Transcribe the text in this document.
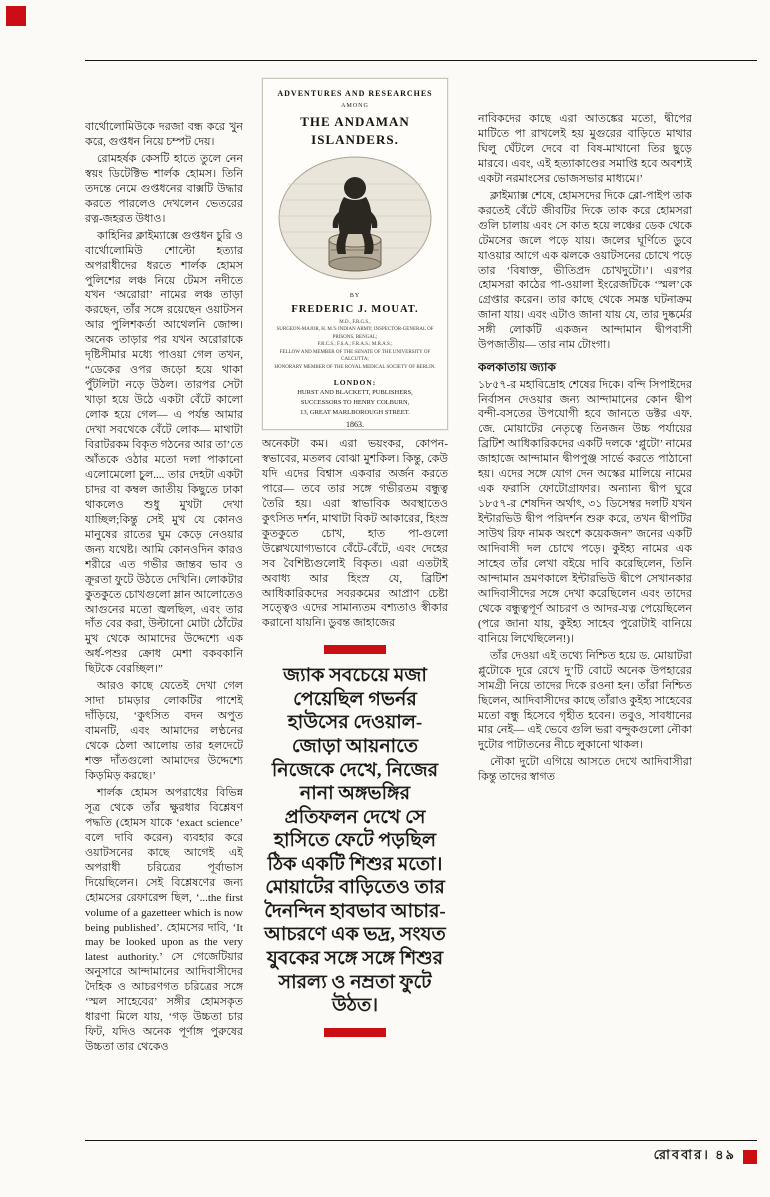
বার্থোলোমিউকে দরজা বন্ধ করে খুন করে, গুপ্তধন নিয়ে চম্পট দেয়।

রোমহর্ষক কেসটি হাতে তুলে নেন স্বয়ং ডিটেক্টিভ শার্লক হোমস। তিনি তদন্তে নেমে গুপ্তধনের বাক্সটি উদ্ধার করতে পারলেও দেখলেন ভেতরের রত্ন-জহরত উধাও।

কাহিনির ক্লাইম্যাক্সে গুপ্তধন চুরি ও বার্থোলোমিউ শোল্টো হত্যার অপরাধীদের ধরতে শার্লক হোমস পুলিশের লঞ্চ নিয়ে টেমস নদীতে যখন ‘অরোরা’ নামের লঞ্চ তাড়া করছেন, তাঁর সঙ্গে রয়েছেন ওয়াটসন আর পুলিশকর্তা আথেলনি জোন্স। অনেক তাড়ার পর যখন অরোরাকে দৃষ্টিসীমার মধ্যে পাওয়া গেল তখন, “ডেকের ওপর জড়ো হয়ে থাকা পুঁটলিটা নড়ে উঠল। তারপর সেটা খাড়া হয়ে উঠে একটা বেঁটে কালো লোক হয়ে গেল— এ পর্যন্ত আমার দেখা সবথেকে বেঁটে লোক— মাথাটা বিরাটরকম বিকৃত গঠনের আর তা’তে আঁতকে ওঠার মতো দলা পাকানো এলোমেলো চুল.... তার দেহটা একটা চাদর বা কম্বল জাতীয় কিছুতে ঢাকা থাকলেও শুধু মুখটা দেখা যাচ্ছিল;কিন্তু সেই মুখ যে কোনও মানুষের রাতের ঘুম কেড়ে নেওয়ার জন্য যথেষ্ট। আমি কোনওদিন কারও শরীরে এত গভীর জান্তব ভাব ও ক্রূরতা ফুটে উঠতে দেখিনি। লোকটার কুতকুতে চোখগুলো ম্লান আলোতেও আগুনের মতো জ্বলছিল, এবং তার দাঁত বের করা, উল্টানো মোটা ঠোঁটের মুখ থেকে আমাদের উদ্দেশ্যে এক অর্ধ-পশুর ক্রোধ মেশা বকবকানি ছিটকে বেরচ্ছিল।”

আরও কাছে যেতেই দেখা গেল সাদা চামড়ার লোকটির পাশেই দাঁড়িয়ে, ‘কুৎসিত বদন অপুত বামনটি, এবং আমাদের লণ্ঠনের থেকে ঠেলা আলোয় তার হলদেটে শক্ত দাঁতগুলো আমাদের উদ্দেশ্যে কিড়মিড় করছে।’

শার্লক হোমস অপরাধের বিভিন্ন সূত্র থেকে তাঁর ক্ষুরধার বিশ্লেষণ পদ্ধতি (হোমস যাকে ‘exact science’ বলে দাবি করেন) ব্যবহার করে ওয়াটসনের কাছে আগেই এই অপরাধী চরিত্রের পূর্বাভাস দিয়েছিলেন। সেই বিশ্লেষণের জন্য হোমসের রেফারেন্স ছিল, ‘...the first volume of a gazetteer which is now being published’. হোমসের দাবি, ‘It may be looked upon as the very latest authority.’ সে গেজেটিয়ার অনুসারে আন্দামানের আদিবাসীদের দৈহিক ও আচরণগত চরিত্রের সঙ্গে ‘স্মল সাহেবের’ সঙ্গীর হোমসকৃত ধারণা মিলে যায়, ‘গড় উচ্চতা চার ফিট, যদিও অনেক পূর্ণাঙ্গ পুরুষের উচ্চতা তার থেকেও

ADVENTURES AND RESEARCHES
AMONG
THE ANDAMAN ISLANDERS.
BY
FREDERIC J. MOUAT.
M.D., F.R.G.S.,
SURGEON-MAJOR, H. M.'S INDIAN ARMY; INSPECTOR-GENERAL OF PRISONS, BENGAL;
F.R.C.S.; F.S.A.; F.R.A.S.; M.R.A.S.;
FELLOW AND MEMBER OF THE SENATE OF THE UNIVERSITY OF CALCUTTA;
HONORARY MEMBER OF THE ROYAL MEDICAL SOCIETY OF BERLIN.
LONDON:
HURST AND BLACKETT, PUBLISHERS,
SUCCESSORS TO HENRY COLBURN,
13, GREAT MARLBOROUGH STREET.
1863.

অনেকটা কম। এরা ভয়ংকর, কোপন-স্বভাবের, মতলব বোঝা মুশকিল। কিন্তু, কেউ যদি এদের বিশ্বাস একবার অর্জন করতে পারে— তবে তার সঙ্গে গভীরতম বন্ধুত্ব তৈরি হয়। এরা স্বাভাবিক অবস্থাতেও কুৎসিত দর্শন, মাথাটা বিকট আকারের, হিংস্র কুতকুতে চোখ, হাত পা-গুলো উল্লেখযোগ্যভাবে বেঁটে-বেঁটে, এবং দেহের সব বৈশিষ্ট্যগুলোই বিকৃত। এরা এতটাই অবাধ্য আর হিংস্র যে, ব্রিটিশ আধিকারিকদের সবরকমের আপ্রাণ চেষ্টা সত্ত্বেও এদের সামান্যতম বশ্যতাও স্বীকার করানো যায়নি। ডুবন্ত জাহাজের

জ্যাক সবচেয়ে মজা পেয়েছিল গভর্নর হাউসের দেওয়াল-জোড়া আয়নাতে নিজেকে দেখে, নিজের নানা অঙ্গভঙ্গির প্রতিফলন দেখে সে হাসিতে ফেটে পড়ছিল ঠিক একটি শিশুর মতো। মোয়াটের বাড়িতেও তার দৈনন্দিন হাবভাব আচার-আচরণে এক ভদ্র, সংযত যুবকের সঙ্গে সঙ্গে শিশুর সারল্য ও নম্রতা ফুটে উঠত।

নাবিকদের কাছে এরা আতঙ্কের মতো, দ্বীপের মাটিতে পা রাখলেই হয় মুগুরের বাড়িতে মাথার ঘিলু ঘেঁটলে দেবে বা বিষ-মাখানো তির ছুড়ে মারবে। এবং, এই হত্যাকাণ্ডের সমাপ্তি হবে অবশ্যই একটা নরমাংসের ভোজসভার মাধ্যমে।’

ক্লাইম্যাক্স শেষে, হোমসদের দিকে ব্লো-পাইপ তাক করতেই বেঁটে জীবটির দিকে তাক করে হোমসরা গুলি চালায় এবং সে কাত হয়ে লঞ্চের ডেক থেকে টেমসের জলে পড়ে যায়। জলের ঘূর্ণিতে ডুবে যাওয়ার আগে এক ঝলকে ওয়াটসনের চোখে পড়ে তার ‘বিষাক্ত, ভীতিপ্রদ চোখদুটো।’। এরপর হোমসরা কাঠের পা-ওয়ালা ইংরেজটিকে ‘স্মল’কে গ্রেপ্তার করেন। তার কাছে থেকে সমস্ত ঘটনাক্রম জানা যায়। এবং এটাও জানা যায় যে, তার দুষ্কর্মের সঙ্গী লোকটি একজন আন্দামান দ্বীপবাসী উপজাতীয়— তার নাম টোংগা।

কলকাতায় জ্যাক

১৮৫৭-র মহাবিদ্রোহ শেষের দিকে। বন্দি সিপাইদের নির্বাসন দেওয়ার জন্য আন্দামানের কোন দ্বীপ বন্দী-বসতের উপযোগী হবে জানতে ডক্টর এফ. জে. মোয়াটের নেতৃত্বে তিনজন উচ্চ পর্যায়ের ব্রিটিশ আধিকারিকদের একটি দলকে ‘প্লুটো’ নামের জাহাজে আন্দামান দ্বীপপুঞ্জ সার্ভে করতে পাঠানো হয়। এদের সঙ্গে যোগ দেন অস্কের মালিয়ে নামের এক ফরাসি ফোটোগ্রাফার। অন্যান্য দ্বীপ ঘুরে ১৮৫৭-র শেষদিন অর্থাৎ, ৩১ ডিসেম্বর দলটি যখন ইন্টারভিউ দ্বীপ পরিদর্শন শুরু করে, তখন দ্বীপটির সাউথ রিফ নামক অংশে কয়েকজন” জনের একটি আদিবাসী দল চোখে পড়ে। কুইহ্য নামের এক সাহেব তাঁর লেখা বইয়ে দাবি করেছিলেন, তিনি আন্দামান ভ্রমণকালে ইন্টারভিউ দ্বীপে সেখানকার আদিবাসীদের সঙ্গে দেখা করেছিলেন এবং তাদের থেকে বন্ধুত্বপূর্ণ আচরণ ও আদর-যত্ন পেয়েছিলেন (পরে জানা যায়, কুইহ্য সাহেব পুরোটাই বানিয়ে বানিয়ে লিখেছিলেন!)।

তাঁর দেওয়া এই তথ্যে নিশ্চিত হয়ে ড. মোয়াটরা প্লুটোকে দূরে রেখে দু’টি বোটে অনেক উপহারের সামগ্রী নিয়ে তাদের দিকে রওনা হন। তাঁরা নিশ্চিত ছিলেন, আদিবাসীদের কাছে তাঁরাও কুইহ্য সাহেবের মতো বন্ধু হিসেবে গৃহীত হবেন। তবুও, সাবধানের মার নেই— এই ভেবে গুলি ভরা বন্দুকগুলো নৌকা দুটোর পাটাতনের নীচে লুকানো থাকল।

নৌকা দুটো এগিয়ে আসতে দেখে আদিবাসীরা কিন্তু তাদের স্বাগত

রোববার। ৪৯
